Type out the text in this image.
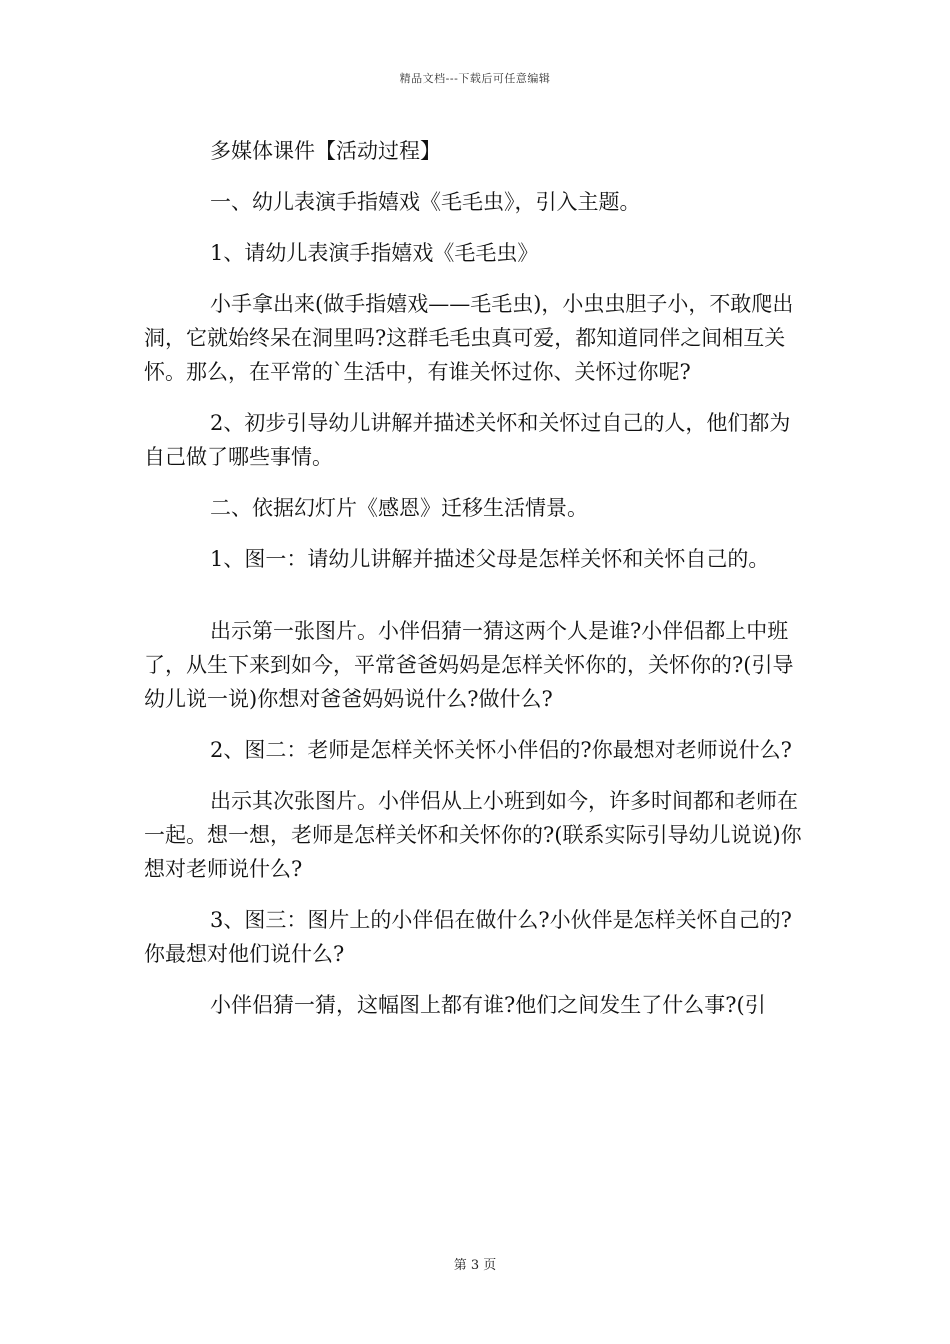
精品文档---下载后可任意编辑

多媒体课件【活动过程】

一、幼儿表演手指嬉戏《毛毛虫》，引入主题。

1、请幼儿表演手指嬉戏《毛毛虫》

小手拿出来(做手指嬉戏——毛毛虫)，小虫虫胆子小，不敢爬出洞，它就始终呆在洞里吗?这群毛毛虫真可爱，都知道同伴之间相互关怀。那么，在平常的`生活中，有谁关怀过你、关怀过你呢?

2、初步引导幼儿讲解并描述关怀和关怀过自己的人，他们都为自己做了哪些事情。

二、依据幻灯片《感恩》迁移生活情景。

1、图一：请幼儿讲解并描述父母是怎样关怀和关怀自己的。

出示第一张图片。小伴侣猜一猜这两个人是谁?小伴侣都上中班了，从生下来到如今，平常爸爸妈妈是怎样关怀你的，关怀你的?(引导幼儿说一说)你想对爸爸妈妈说什么?做什么?

2、图二：老师是怎样关怀关怀小伴侣的?你最想对老师说什么?

出示其次张图片。小伴侣从上小班到如今，许多时间都和老师在一起。想一想，老师是怎样关怀和关怀你的?(联系实际引导幼儿说说)你想对老师说什么?

3、图三：图片上的小伴侣在做什么?小伙伴是怎样关怀自己的?你最想对他们说什么?

小伴侣猜一猜，这幅图上都有谁?他们之间发生了什么事?(引

第 3 页
